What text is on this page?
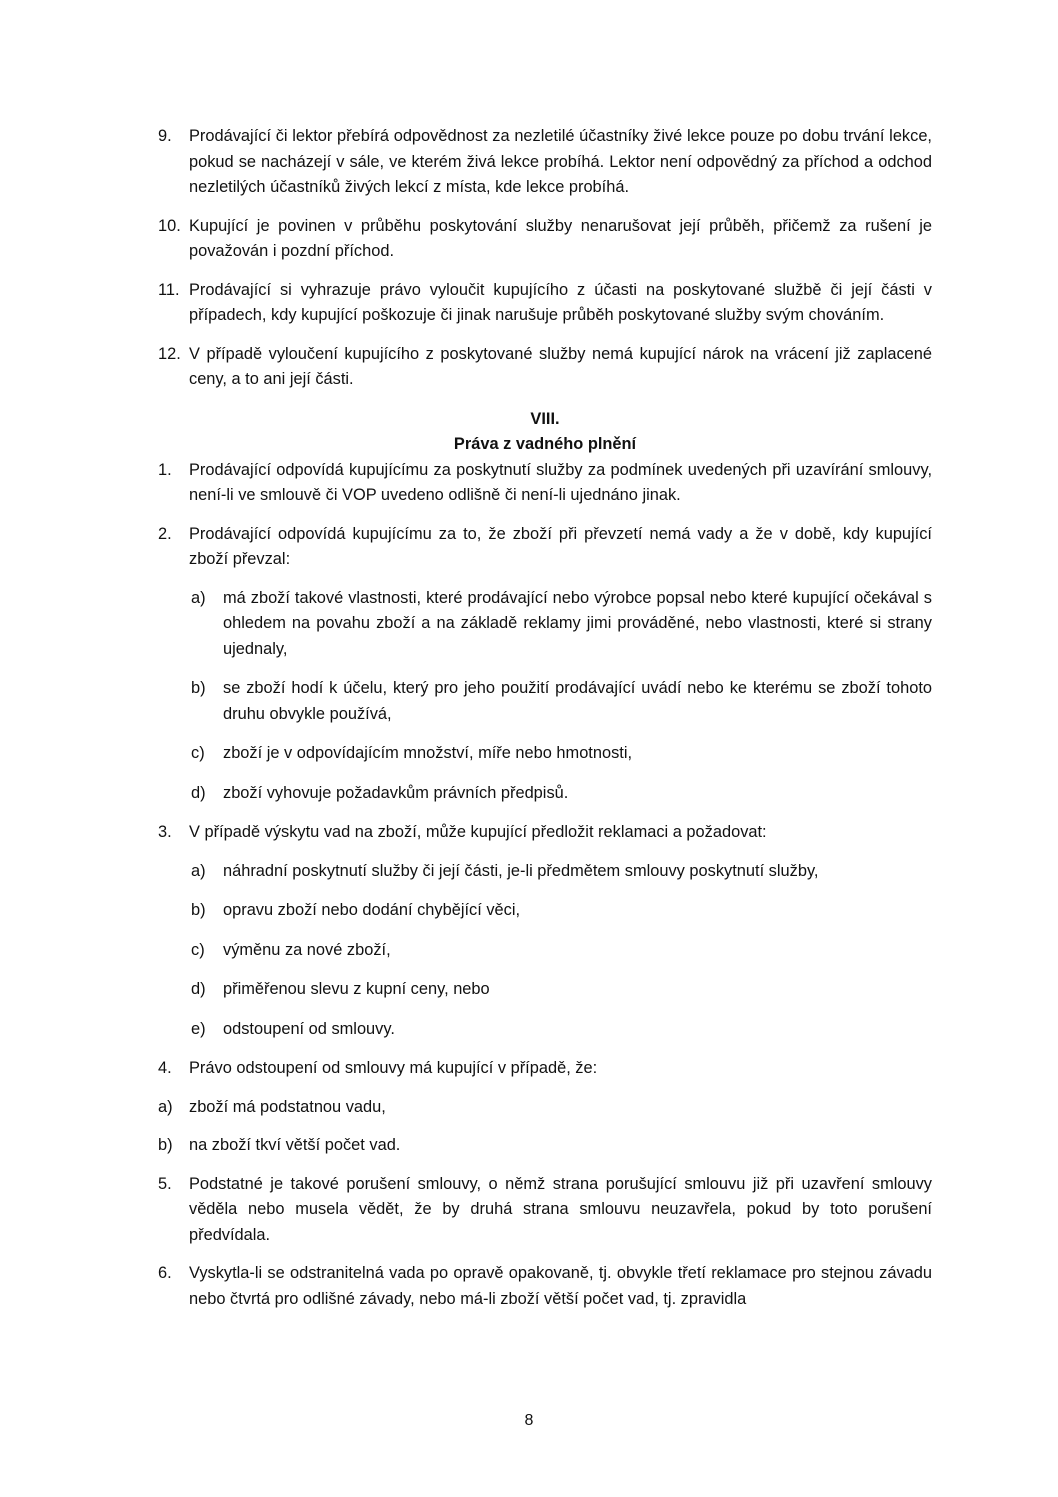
9. Prodávající či lektor přebírá odpovědnost za nezletilé účastníky živé lekce pouze po dobu trvání lekce, pokud se nacházejí v sále, ve kterém živá lekce probíhá. Lektor není odpovědný za příchod a odchod nezletilých účastníků živých lekcí z místa, kde lekce probíhá.
10. Kupující je povinen v průběhu poskytování služby nenarušovat její průběh, přičemž za rušení je považován i pozdní příchod.
11. Prodávající si vyhrazuje právo vyloučit kupujícího z účasti na poskytované službě či její části v případech, kdy kupující poškozuje či jinak narušuje průběh poskytované služby svým chováním.
12. V případě vyloučení kupujícího z poskytované služby nemá kupující nárok na vrácení již zaplacené ceny, a to ani její části.
VIII.
Práva z vadného plnění
1. Prodávající odpovídá kupujícímu za poskytnutí služby za podmínek uvedených při uzavírání smlouvy, není-li ve smlouvě či VOP uvedeno odlišně či není-li ujednáno jinak.
2. Prodávající odpovídá kupujícímu za to, že zboží při převzetí nemá vady a že v době, kdy kupující zboží převzal:
a) má zboží takové vlastnosti, které prodávající nebo výrobce popsal nebo které kupující očekával s ohledem na povahu zboží a na základě reklamy jimi prováděné, nebo vlastnosti, které si strany ujednaly,
b) se zboží hodí k účelu, který pro jeho použití prodávající uvádí nebo ke kterému se zboží tohoto druhu obvykle používá,
c) zboží je v odpovídajícím množství, míře nebo hmotnosti,
d) zboží vyhovuje požadavkům právních předpisů.
3. V případě výskytu vad na zboží, může kupující předložit reklamaci a požadovat:
a) náhradní poskytnutí služby či její části, je-li předmětem smlouvy poskytnutí služby,
b) opravu zboží nebo dodání chybějící věci,
c) výměnu za nové zboží,
d) přiměřenou slevu z kupní ceny, nebo
e) odstoupení od smlouvy.
4. Právo odstoupení od smlouvy má kupující v případě, že:
a) zboží má podstatnou vadu,
b) na zboží tkví větší počet vad.
5. Podstatné je takové porušení smlouvy, o němž strana porušující smlouvu již při uzavření smlouvy věděla nebo musela vědět, že by druhá strana smlouvu neuzavřela, pokud by toto porušení předvídala.
6. Vyskytla-li se odstranitelná vada po opravě opakovaně, tj. obvykle třetí reklamace pro stejnou závadu nebo čtvrtá pro odlišné závady, nebo má-li zboží větší počet vad, tj. zpravidla
8
